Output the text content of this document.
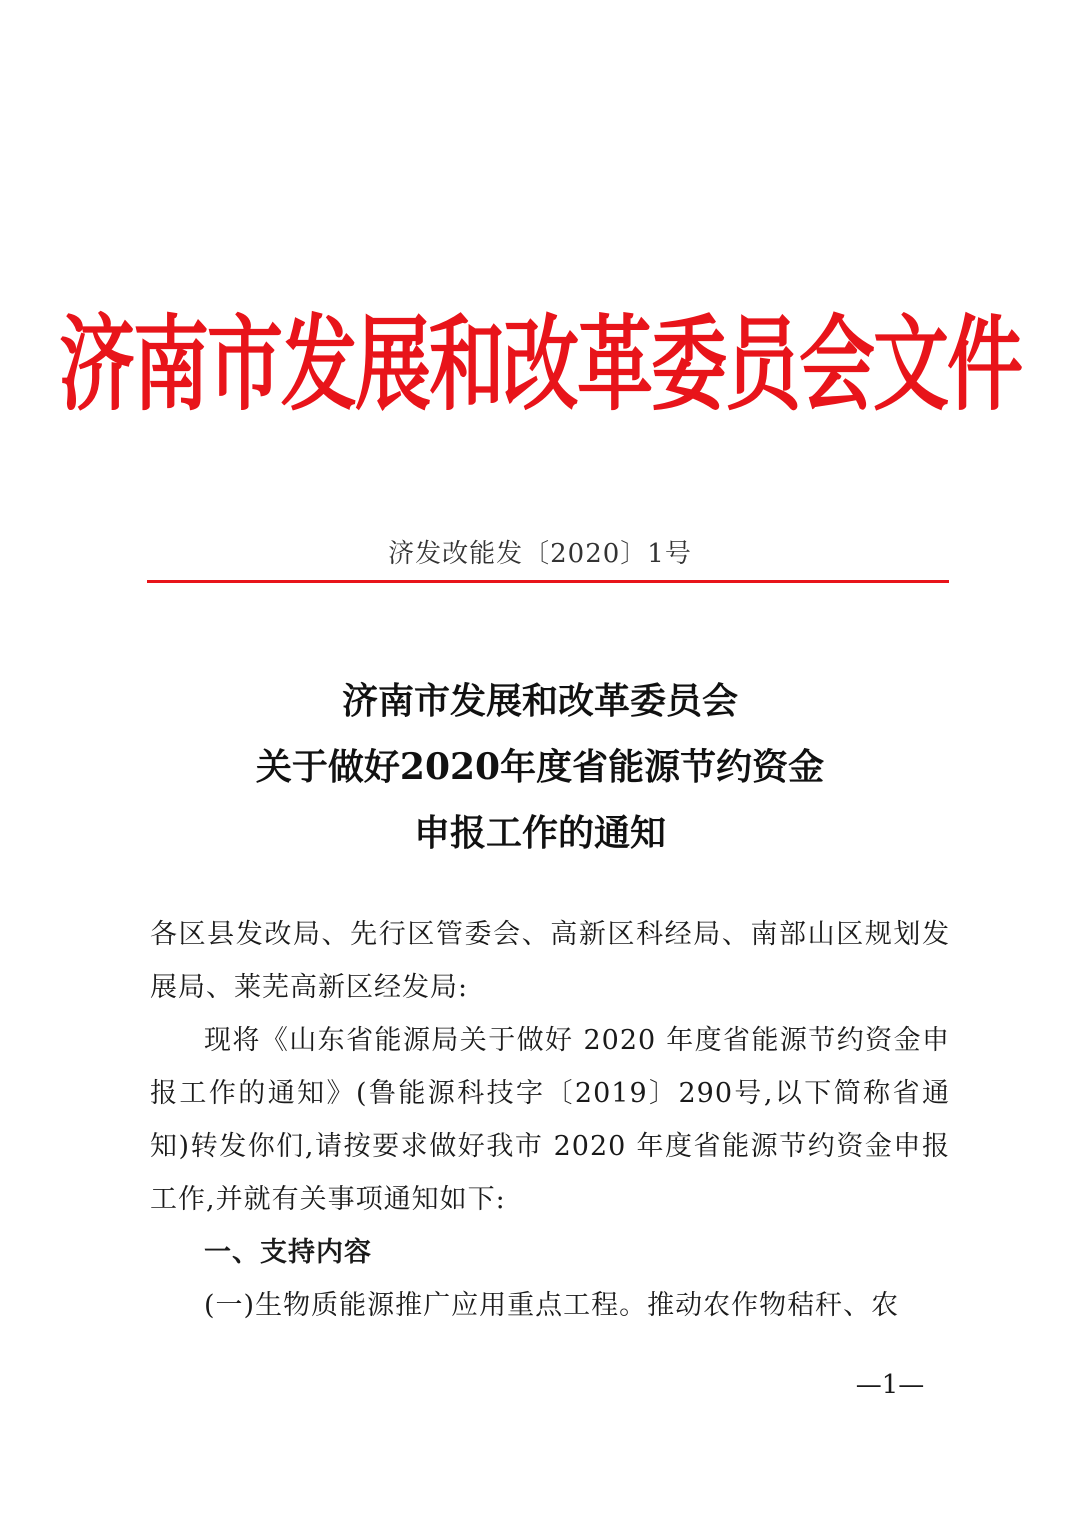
济南市发展和改革委员会文件
济发改能发〔2020〕1号
济南市发展和改革委员会
关于做好2020年度省能源节约资金
申报工作的通知

各区县发改局、先行区管委会、高新区科经局、南部山区规划发展局、莱芜高新区经发局:

现将《山东省能源局关于做好 2020 年度省能源节约资金申报工作的通知》(鲁能源科技字〔2019〕290号,以下简称省通知)转发你们,请按要求做好我市 2020 年度省能源节约资金申报工作,并就有关事项通知如下:

一、支持内容

(一)生物质能源推广应用重点工程。推动农作物秸秆、农

—1—
